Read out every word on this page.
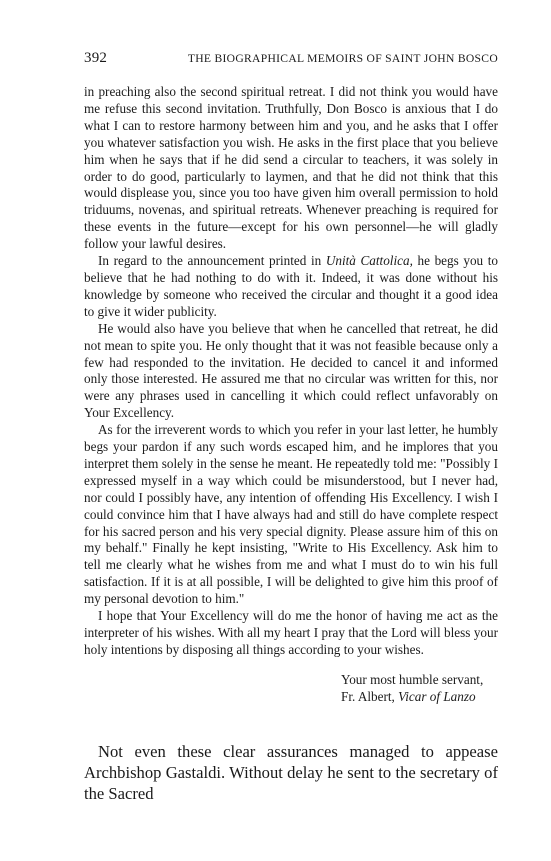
392	THE BIOGRAPHICAL MEMOIRS OF SAINT JOHN BOSCO

in preaching also the second spiritual retreat. I did not think you would have me refuse this second invitation. Truthfully, Don Bosco is anxious that I do what I can to restore harmony between him and you, and he asks that I offer you whatever satisfaction you wish. He asks in the first place that you believe him when he says that if he did send a circular to teachers, it was solely in order to do good, particularly to laymen, and that he did not think that this would displease you, since you too have given him overall permission to hold triduums, novenas, and spiritual retreats. Whenever preaching is required for these events in the future—except for his own personnel—he will gladly follow your lawful desires.

In regard to the announcement printed in Unità Cattolica, he begs you to believe that he had nothing to do with it. Indeed, it was done without his knowledge by someone who received the circular and thought it a good idea to give it wider publicity.

He would also have you believe that when he cancelled that retreat, he did not mean to spite you. He only thought that it was not feasible because only a few had responded to the invitation. He decided to cancel it and informed only those interested. He assured me that no circular was written for this, nor were any phrases used in cancelling it which could reflect unfavorably on Your Excellency.

As for the irreverent words to which you refer in your last letter, he humbly begs your pardon if any such words escaped him, and he implores that you interpret them solely in the sense he meant. He repeatedly told me: "Possibly I expressed myself in a way which could be misunderstood, but I never had, nor could I possibly have, any intention of offending His Excellency. I wish I could convince him that I have always had and still do have complete respect for his sacred person and his very special dignity. Please assure him of this on my behalf." Finally he kept insisting, "Write to His Excellency. Ask him to tell me clearly what he wishes from me and what I must do to win his full satisfaction. If it is at all possible, I will be delighted to give him this proof of my personal devotion to him."

I hope that Your Excellency will do me the honor of having me act as the interpreter of his wishes. With all my heart I pray that the Lord will bless your holy intentions by disposing all things according to your wishes.

Your most humble servant,
Fr. Albert, Vicar of Lanzo

Not even these clear assurances managed to appease Archbishop Gastaldi. Without delay he sent to the secretary of the Sacred
